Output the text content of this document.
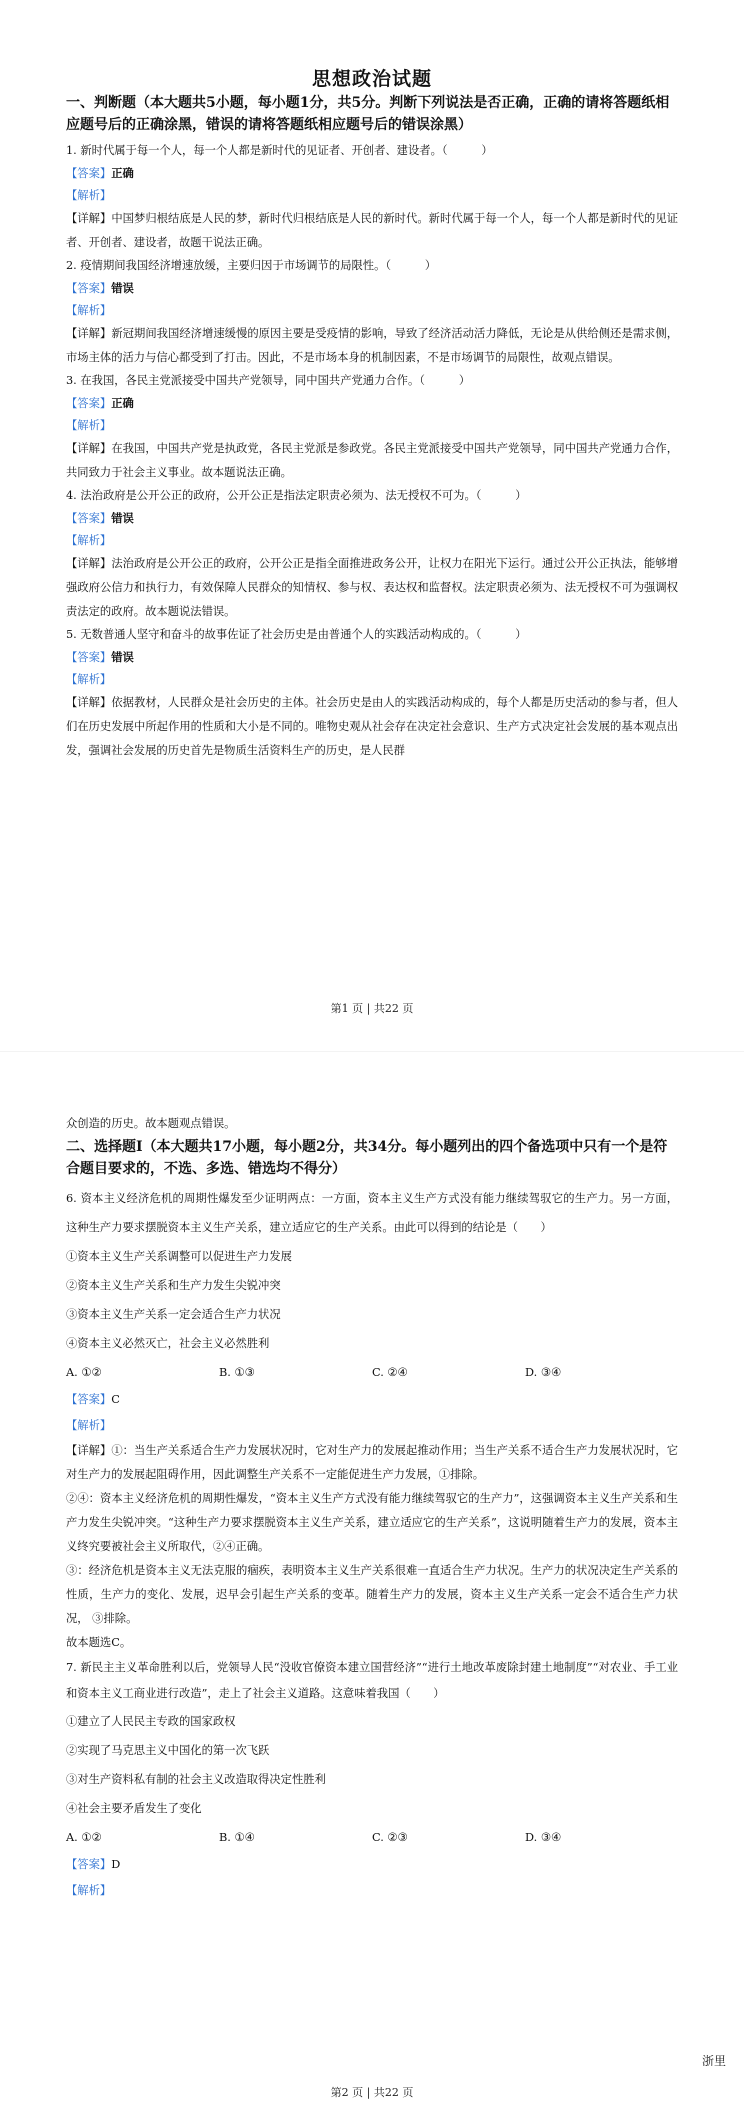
思想政治试题

一、判断题（本大题共5小题，每小题1分，共5分。判断下列说法是否正确，正确的请将答题纸相应题号后的正确涂黑，错误的请将答题纸相应题号后的错误涂黑）

1. 新时代属于每一个人，每一个人都是新时代的见证者、开创者、建设者。（　　　）

【答案】正确

【解析】

【详解】中国梦归根结底是人民的梦，新时代归根结底是人民的新时代。新时代属于每一个人，每一个人都是新时代的见证者、开创者、建设者，故题干说法正确。

2. 疫情期间我国经济增速放缓，主要归因于市场调节的局限性。（　　　）

【答案】错误

【解析】

【详解】新冠期间我国经济增速缓慢的原因主要是受疫情的影响，导致了经济活动活力降低，无论是从供给侧还是需求侧，市场主体的活力与信心都受到了打击。因此，不是市场本身的机制因素，不是市场调节的局限性，故观点错误。

3. 在我国，各民主党派接受中国共产党领导，同中国共产党通力合作。（　　　）

【答案】正确

【解析】

【详解】在我国，中国共产党是执政党，各民主党派是参政党。各民主党派接受中国共产党领导，同中国共产党通力合作，共同致力于社会主义事业。故本题说法正确。

4. 法治政府是公开公正的政府，公开公正是指法定职责必须为、法无授权不可为。（　　　）

【答案】错误

【解析】

【详解】法治政府是公开公正的政府，公开公正是指全面推进政务公开，让权力在阳光下运行。通过公开公正执法，能够增强政府公信力和执行力，有效保障人民群众的知情权、参与权、表达权和监督权。法定职责必须为、法无授权不可为强调权责法定的政府。故本题说法错误。

5. 无数普通人坚守和奋斗的故事佐证了社会历史是由普通个人的实践活动构成的。（　　　）

【答案】错误

【解析】

【详解】依据教材，人民群众是社会历史的主体。社会历史是由人的实践活动构成的，每个人都是历史活动的参与者，但人们在历史发展中所起作用的性质和大小是不同的。唯物史观从社会存在决定社会意识、生产方式决定社会发展的基本观点出发，强调社会发展的历史首先是物质生活资料生产的历史，是人民群

第1 页 | 共22 页

众创造的历史。故本题观点错误。

二、选择题Ⅰ（本大题共17小题，每小题2分，共34分。每小题列出的四个备选项中只有一个是符合题目要求的，不选、多选、错选均不得分）

6. 资本主义经济危机的周期性爆发至少证明两点：一方面，资本主义生产方式没有能力继续驾驭它的生产力。另一方面，这种生产力要求摆脱资本主义生产关系，建立适应它的生产关系。由此可以得到的结论是（　　）

①资本主义生产关系调整可以促进生产力发展

②资本主义生产关系和生产力发生尖锐冲突

③资本主义生产关系一定会适合生产力状况

④资本主义必然灭亡，社会主义必然胜利

A. ①②	B. ①③	C. ②④	D. ③④

【答案】C

【解析】

【详解】①：当生产关系适合生产力发展状况时，它对生产力的发展起推动作用；当生产关系不适合生产力发展状况时，它对生产力的发展起阻碍作用，因此调整生产关系不一定能促进生产力发展，①排除。

②④：资本主义经济危机的周期性爆发，“资本主义生产方式没有能力继续驾驭它的生产力”，这强调资本主义生产关系和生产力发生尖锐冲突。“这种生产力要求摆脱资本主义生产关系，建立适应它的生产关系”，这说明随着生产力的发展，资本主义终究要被社会主义所取代，②④正确。

③：经济危机是资本主义无法克服的痼疾，表明资本主义生产关系很难一直适合生产力状况。生产力的状况决定生产关系的性质，生产力的变化、发展，迟早会引起生产关系的变革。随着生产力的发展，资本主义生产关系一定会不适合生产力状况， ③排除。

故本题选C。

7. 新民主主义革命胜利以后，党领导人民“没收官僚资本建立国营经济”“进行土地改革废除封建土地制度”“对农业、手工业和资本主义工商业进行改造”，走上了社会主义道路。这意味着我国（　　）

①建立了人民民主专政的国家政权

②实现了马克思主义中国化的第一次飞跃

③对生产资料私有制的社会主义改造取得决定性胜利

④社会主要矛盾发生了变化

A. ①②	B. ①④	C. ②③	D. ③④

【答案】D

【解析】

浙里
第2 页 | 共22 页
